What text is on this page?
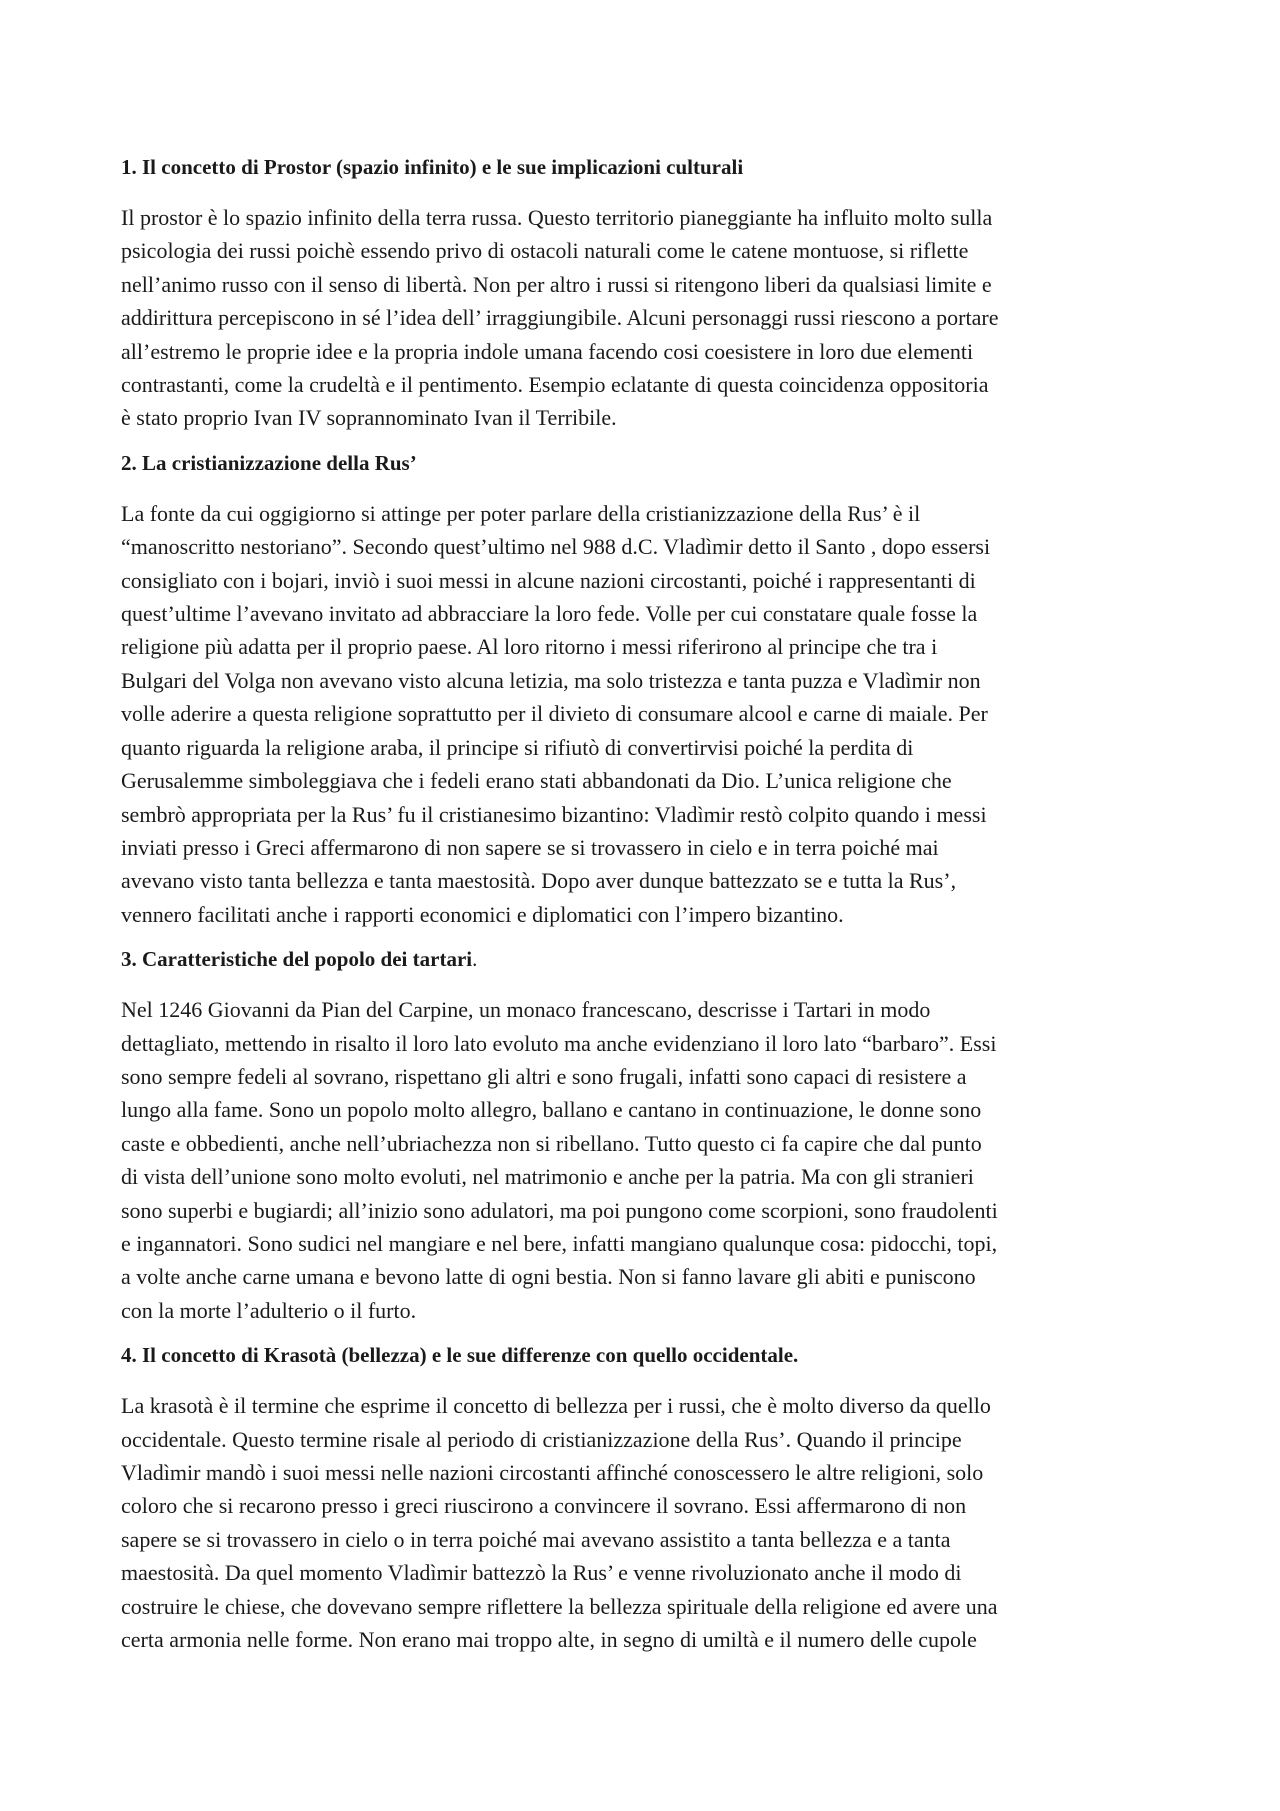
1. Il concetto di Prostor (spazio infinito) e le sue implicazioni culturali

Il prostor è lo spazio infinito della terra russa. Questo territorio pianeggiante ha influito molto sulla
psicologia dei russi poichè essendo privo di ostacoli naturali come le catene montuose, si riflette
nell’animo russo con il senso di libertà. Non per altro i russi si ritengono liberi da qualsiasi limite e
addirittura percepiscono in sé l’idea dell’ irraggiungibile. Alcuni personaggi russi riescono a portare
all’estremo le proprie idee e la propria indole umana facendo cosi coesistere in loro due elementi
contrastanti, come la crudeltà e il pentimento. Esempio eclatante di questa coincidenza oppositoria
è stato proprio Ivan IV soprannominato Ivan il Terribile.

2. La cristianizzazione della Rus’

La fonte da cui oggigiorno si attinge per poter parlare della cristianizzazione della Rus’ è il
“manoscritto nestoriano”. Secondo quest’ultimo nel 988 d.C. Vladìmir detto il Santo , dopo essersi
consigliato con i bojari, inviò i suoi messi in alcune nazioni circostanti, poiché i rappresentanti di
quest’ultime l’avevano invitato ad abbracciare la loro fede. Volle per cui constatare quale fosse la
religione più adatta per il proprio paese. Al loro ritorno i messi riferirono al principe che tra i
Bulgari del Volga non avevano visto alcuna letizia, ma solo tristezza e tanta puzza e Vladìmir non
volle aderire a questa religione soprattutto per il divieto di consumare alcool e carne di maiale. Per
quanto riguarda la religione araba, il principe si rifiutò di convertirvisi poiché la perdita di
Gerusalemme simboleggiava che i fedeli erano stati abbandonati da Dio. L’unica religione che
sembrò appropriata per la Rus’ fu il cristianesimo bizantino: Vladìmir restò colpito quando i messi
inviati presso i Greci affermarono di non sapere se si trovassero in cielo e in terra poiché mai
avevano visto tanta bellezza e tanta maestosità. Dopo aver dunque battezzato se e tutta la Rus’,
vennero facilitati anche i rapporti economici e diplomatici con l’impero bizantino.

3. Caratteristiche del popolo dei tartari.

Nel 1246 Giovanni da Pian del Carpine, un monaco francescano, descrisse i Tartari in modo
dettagliato, mettendo in risalto il loro lato evoluto ma anche evidenziano il loro lato “barbaro”. Essi
sono sempre fedeli al sovrano, rispettano gli altri e sono frugali, infatti sono capaci di resistere a
lungo alla fame. Sono un popolo molto allegro, ballano e cantano in continuazione, le donne sono
caste e obbedienti, anche nell’ubriachezza non si ribellano. Tutto questo ci fa capire che dal punto
di vista dell’unione sono molto evoluti, nel matrimonio e anche per la patria. Ma con gli stranieri
sono superbi e bugiardi; all’inizio sono adulatori, ma poi pungono come scorpioni, sono fraudolenti
e ingannatori. Sono sudici nel mangiare e nel bere, infatti mangiano qualunque cosa: pidocchi, topi,
a volte anche carne umana e bevono latte di ogni bestia. Non si fanno lavare gli abiti e puniscono
con la morte l’adulterio o il furto.

4. Il concetto di Krasotà (bellezza) e le sue differenze con quello occidentale.

La krasotà è il termine che esprime il concetto di bellezza per i russi, che è molto diverso da quello
occidentale. Questo termine risale al periodo di cristianizzazione della Rus’. Quando il principe
Vladìmir mandò i suoi messi nelle nazioni circostanti affinché conoscessero le altre religioni, solo
coloro che si recarono presso i greci riuscirono a convincere il sovrano. Essi affermarono di non
sapere se si trovassero in cielo o in terra poiché mai avevano assistito a tanta bellezza e a tanta
maestosità. Da quel momento Vladìmir battezzò la Rus’ e venne rivoluzionato anche il modo di
costruire le chiese, che dovevano sempre riflettere la bellezza spirituale della religione ed avere una
certa armonia nelle forme. Non erano mai troppo alte, in segno di umiltà e il numero delle cupole
